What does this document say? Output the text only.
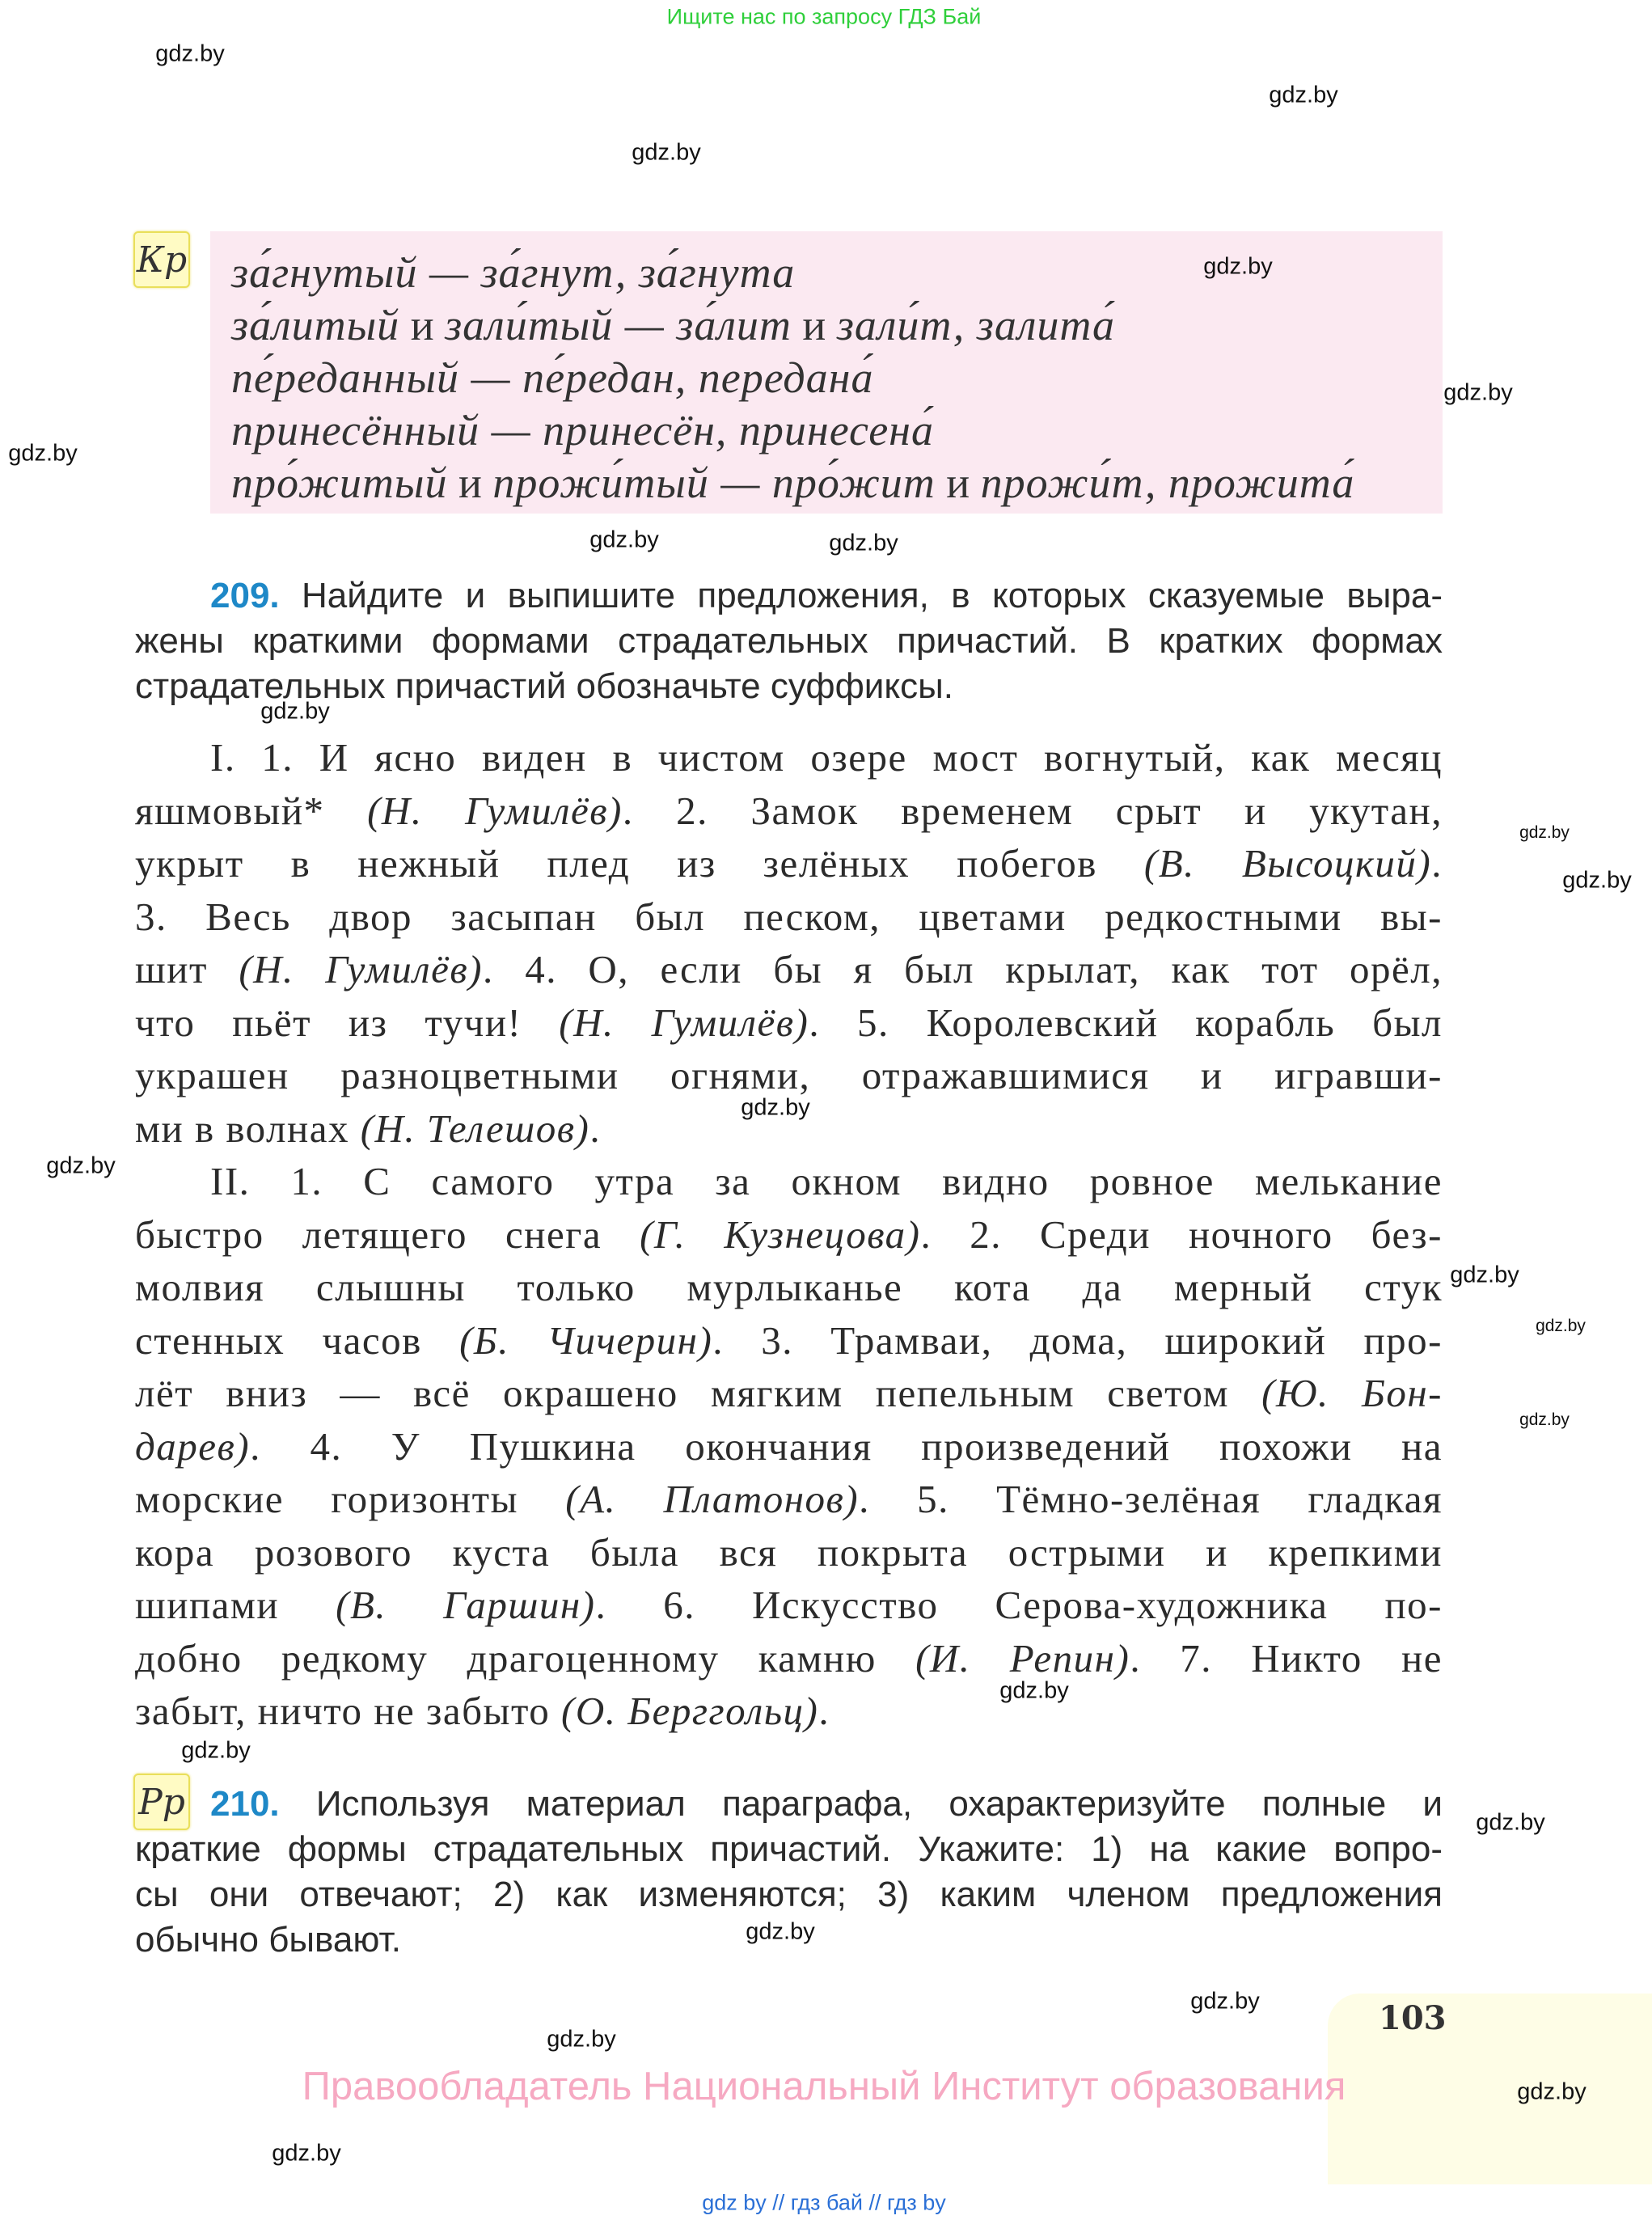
Ищите нас по запросу ГДЗ Бай
Кр за́гнутый — за́гнут, за́гнута
за́литый и зали́тый — за́лит и зали́т, залита́
пе́реданный — пе́редан, передана́
принесённый — принесён, принесена́
про́житый и прожи́тый — про́жит и прожи́т, прожита́
209. Найдите и выпишите предложения, в которых сказуемые выра-
жены краткими формами страдательных причастий. В кратких формах
страдательных причастий обозначьте суффиксы.
I. 1. И ясно виден в чистом озере мост вогнутый, как месяц
яшмовый* (Н. Гумилёв). 2. Замок временем срыт и укутан,
укрыт в нежный плед из зелёных побегов (В. Высоцкий).
3. Весь двор засыпан был песком, цветами редкостными вы-
шит (Н. Гумилёв). 4. О, если бы я был крылат, как тот орёл,
что пьёт из тучи! (Н. Гумилёв). 5. Королевский корабль был
украшен разноцветными огнями, отражавшимися и игравши-
ми в волнах (Н. Телешов).
II. 1. С самого утра за окном видно ровное мелькание
быстро летящего снега (Г. Кузнецова). 2. Среди ночного без-
молвия слышны только мурлыканье кота да мерный стук
стенных часов (Б. Чичерин). 3. Трамваи, дома, широкий про-
лёт вниз — всё окрашено мягким пепельным светом (Ю. Бон-
дарев). 4. У Пушкина окончания произведений похожи на
морские горизонты (А. Платонов). 5. Тёмно-зелёная гладкая
кора розового куста была вся покрыта острыми и крепкими
шипами (В. Гаршин). 6. Искусство Серова-художника по-
добно редкому драгоценному камню (И. Репин). 7. Никто не
забыт, ничто не забыто (О. Берггольц).
Рр 210. Используя материал параграфа, охарактеризуйте полные и
краткие формы страдательных причастий. Укажите: 1) на какие вопро-
сы они отвечают; 2) как изменяются; 3) каким членом предложения
обычно бывают.
103
Правообладатель Национальный Институт образования
gdz by // гдз бай // гдз by
gdz.by
gdz.by
gdz.by
gdz.by
gdz.by
gdz.by
gdz.by	gdz.by
gdz.by
gdz.by
gdz.by
gdz.by
gdz.by
gdz.by
gdz.by
gdz.by
gdz.by
gdz.by
gdz.by
gdz.by
gdz.by
gdz.by
gdz.by
gdz.by
